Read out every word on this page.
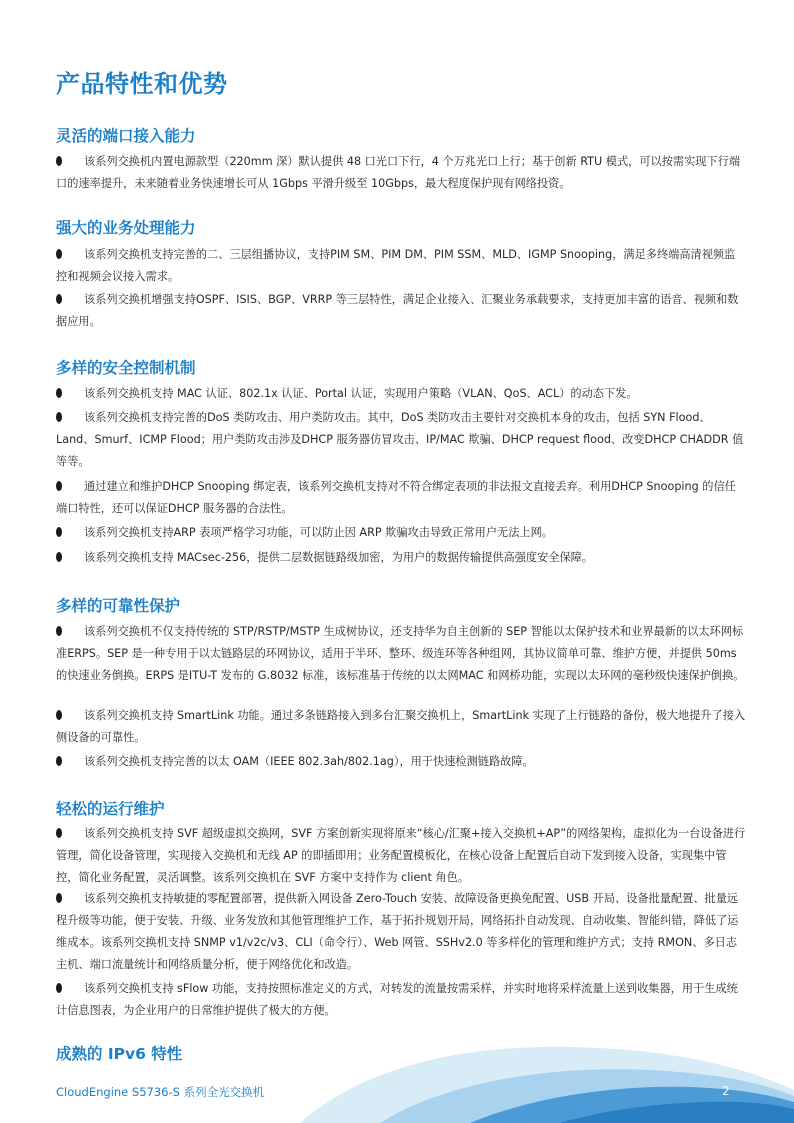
产品特性和优势
灵活的端口接入能力
该系列交换机内置电源款型（220mm 深）默认提供 48 口光口下行，4 个万兆光口上行；基于创新 RTU 模式，可以按需实现下行端口的速率提升，未来随着业务快速增长可从 1Gbps 平滑升级至 10Gbps，最大程度保护现有网络投资。
强大的业务处理能力
该系列交换机支持完善的二、三层组播协议，支持PIM SM、PIM DM、PIM SSM、MLD、IGMP Snooping，满足多终端高清视频监控和视频会议接入需求。
该系列交换机增强支持OSPF、ISIS、BGP、VRRP 等三层特性，满足企业接入、汇聚业务承载要求，支持更加丰富的语音、视频和数据应用。
多样的安全控制机制
该系列交换机支持 MAC 认证、802.1x 认证、Portal 认证，实现用户策略（VLAN、QoS、ACL）的动态下发。
该系列交换机支持完善的DoS 类防攻击、用户类防攻击。其中，DoS 类防攻击主要针对交换机本身的攻击，包括 SYN Flood、Land、Smurf、ICMP Flood；用户类防攻击涉及DHCP 服务器仿冒攻击、IP/MAC 欺骗、DHCP request flood、改变DHCP CHADDR 值等等。
通过建立和维护DHCP Snooping 绑定表，该系列交换机支持对不符合绑定表项的非法报文直接丢弃。利用DHCP Snooping 的信任端口特性，还可以保证DHCP 服务器的合法性。
该系列交换机支持ARP 表项严格学习功能，可以防止因 ARP 欺骗攻击导致正常用户无法上网。
该系列交换机支持 MACsec-256，提供二层数据链路级加密，为用户的数据传输提供高强度安全保障。
多样的可靠性保护
该系列交换机不仅支持传统的 STP/RSTP/MSTP 生成树协议，还支持华为自主创新的 SEP 智能以太保护技术和业界最新的以太环网标准ERPS。SEP 是一种专用于以太链路层的环网协议，适用于半环、整环、级连环等各种组网，其协议简单可靠、维护方便，并提供 50ms 的快速业务倒换。ERPS 是ITU-T 发布的 G.8032 标准，该标准基于传统的以太网MAC 和网桥功能，实现以太环网的毫秒级快速保护倒换。
该系列交换机支持 SmartLink 功能。通过多条链路接入到多台汇聚交换机上，SmartLink 实现了上行链路的备份，极大地提升了接入侧设备的可靠性。
该系列交换机支持完善的以太 OAM（IEEE 802.3ah/802.1ag），用于快速检测链路故障。
轻松的运行维护
该系列交换机支持 SVF 超级虚拟交换网，SVF 方案创新实现将原来“核心/汇聚+接入交换机+AP”的网络架构，虚拟化为一台设备进行管理，简化设备管理，实现接入交换机和无线 AP 的即插即用；业务配置模板化，在核心设备上配置后自动下发到接入设备，实现集中管控，简化业务配置，灵活调整。该系列交换机在 SVF 方案中支持作为 client 角色。
该系列交换机支持敏捷的零配置部署，提供新入网设备 Zero-Touch 安装、故障设备更换免配置、USB 开局、设备批量配置、批量远程升级等功能，便于安装、升级、业务发放和其他管理维护工作，基于拓扑规划开局，网络拓扑自动发现、自动收集、智能纠错，降低了运维成本。该系列交换机支持 SNMP v1/v2c/v3、CLI（命令行）、Web 网管、SSHv2.0 等多样化的管理和维护方式；支持 RMON、多日志主机、端口流量统计和网络质量分析，便于网络优化和改造。
该系列交换机支持 sFlow 功能，支持按照标准定义的方式，对转发的流量按需采样，并实时地将采样流量上送到收集器，用于生成统计信息图表，为企业用户的日常维护提供了极大的方便。
成熟的 IPv6 特性
CloudEngine S5736-S 系列全光交换机	2
